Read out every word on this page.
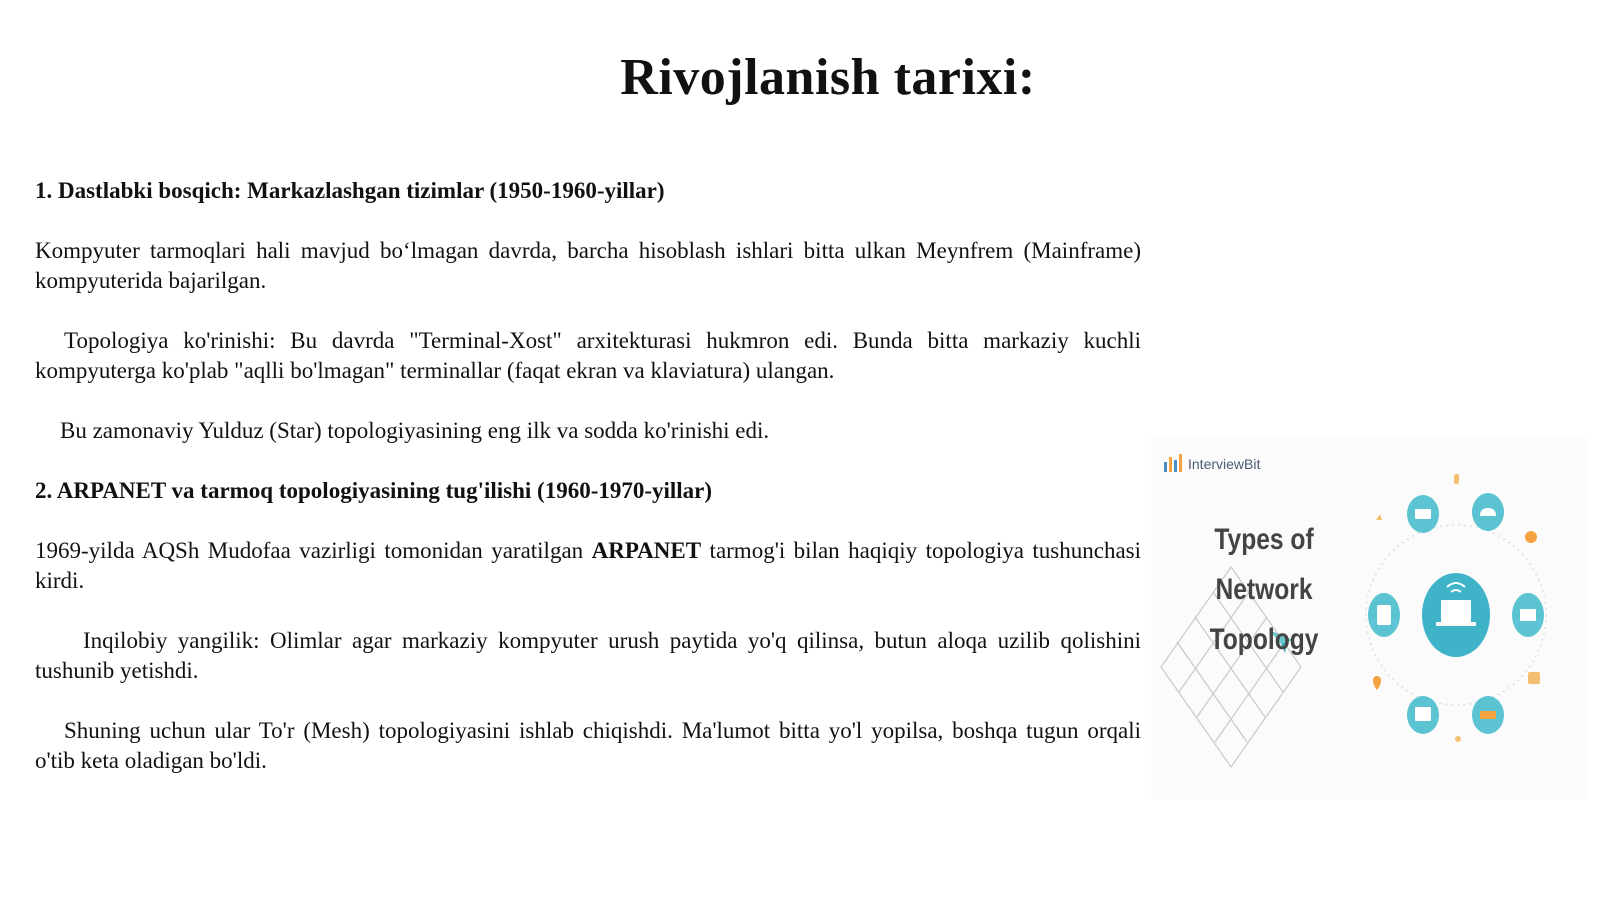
Rivojlanish tarixi:

1. Dastlabki bosqich: Markazlashgan tizimlar (1950-1960-yillar)

Kompyuter tarmoqlari hali mavjud bo‘lmagan davrda, barcha hisoblash ishlari bitta ulkan Meynfrem (Mainframe) kompyuterida bajarilgan.

Topologiya ko'rinishi: Bu davrda "Terminal-Xost" arxitekturasi hukmron edi. Bunda bitta markaziy kuchli kompyuterga ko'plab "aqlli bo'lmagan" terminallar (faqat ekran va klaviatura) ulangan.

Bu zamonaviy Yulduz (Star) topologiyasining eng ilk va sodda ko'rinishi edi.

2. ARPANET va tarmoq topologiyasining tug'ilishi (1960-1970-yillar)

1969-yilda AQSh Mudofaa vazirligi tomonidan yaratilgan ARPANET tarmog'i bilan haqiqiy topologiya tushunchasi kirdi.

Inqilobiy yangilik: Olimlar agar markaziy kompyuter urush paytida yo'q qilinsa, butun aloqa uzilib qolishini tushunib yetishdi.

Shuning uchun ular To'r (Mesh) topologiyasini ishlab chiqishdi. Ma'lumot bitta yo'l yopilsa, boshqa tugun orqali o'tib keta oladigan bo'ldi.

InterviewBit
Types of
Network Topology
